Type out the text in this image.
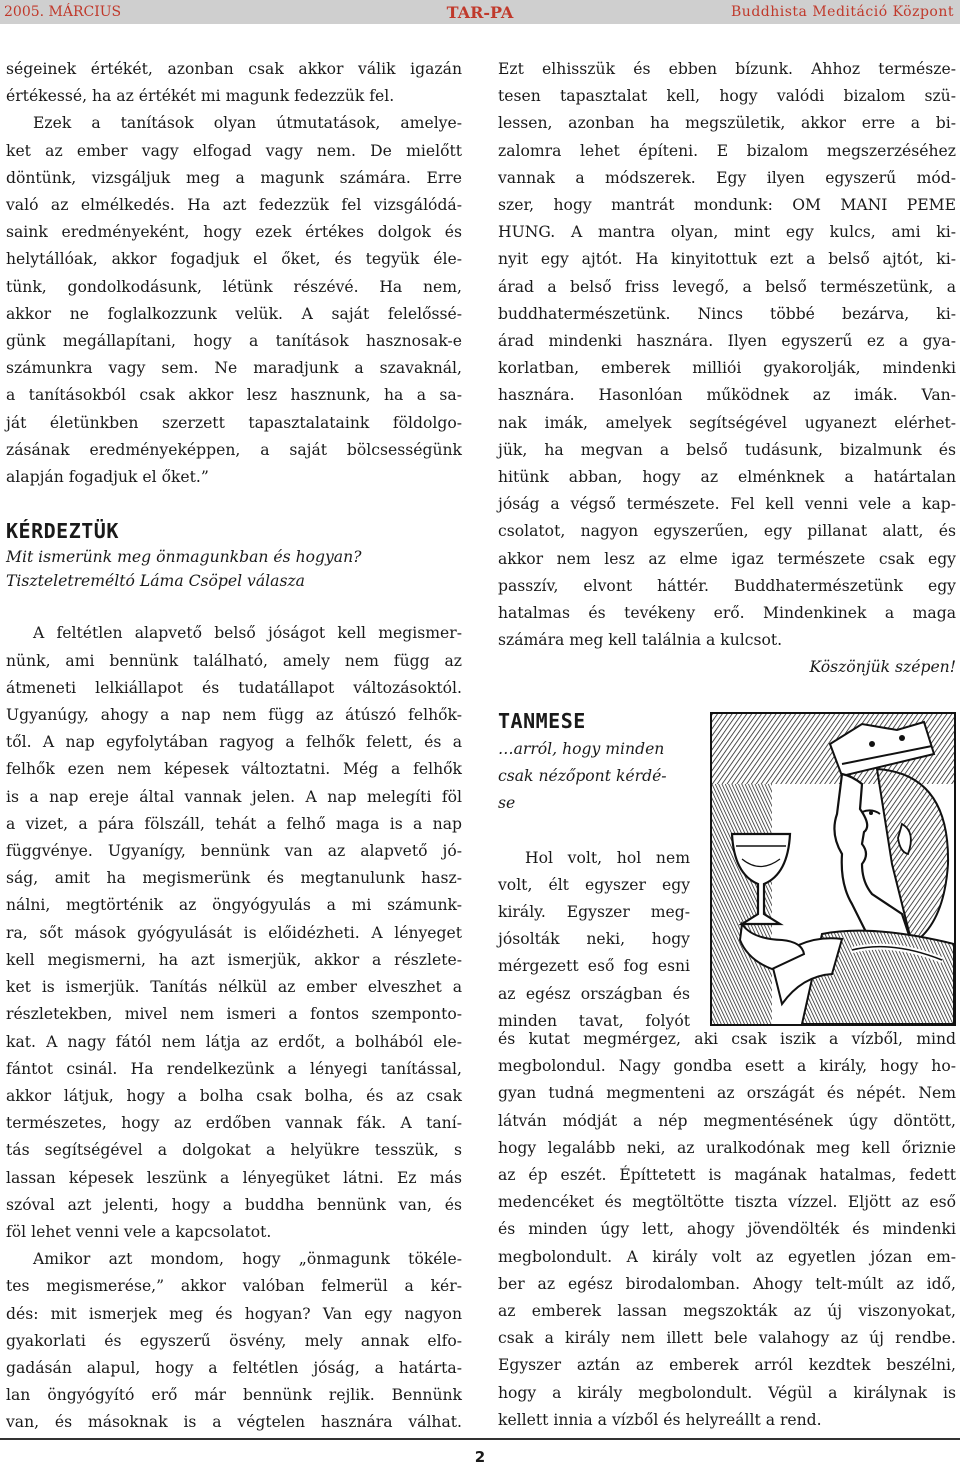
2005. MÁRCIUS	TAR-PA	Buddhista Meditáció Központ

ségeinek értékét, azonban csak akkor válik igazán

értékessé, ha az értékét mi magunk fedezzük fel.

Ezek a tanítások olyan útmutatások, amelye-

ket az ember vagy elfogad vagy nem. De mielőtt

döntünk, vizsgáljuk meg a magunk számára. Erre

való az elmélkedés. Ha azt fedezzük fel vizsgálódá-

saink eredményeként, hogy ezek értékes dolgok és

helytállóak, akkor fogadjuk el őket, és tegyük éle-

tünk, gondolkodásunk, létünk részévé. Ha nem,

akkor ne foglalkozzunk velük. A saját felelőssé-

günk megállapítani, hogy a tanítások hasznosak-e

számunkra vagy sem. Ne maradjunk a szavaknál,

a tanításokból csak akkor lesz hasznunk, ha a sa-

ját életünkben szerzett tapasztalataink földolgo-

zásának eredményeképpen, a saját bölcsességünk

alapján fogadjuk el őket.”

KÉRDEZTÜK

Mit ismerünk meg önmagunkban és hogyan?

Tiszteletreméltó Láma Csöpel válasza

A feltétlen alapvető belső jóságot kell megismer-

nünk, ami bennünk található, amely nem függ az

átmeneti lelkiállapot és tudatállapot változásoktól.

Ugyanúgy, ahogy a nap nem függ az átúszó felhők-

től. A nap egyfolytában ragyog a felhők felett, és a

felhők ezen nem képesek változtatni. Még a felhők

is a nap ereje által vannak jelen. A nap melegíti föl

a vizet, a pára fölszáll, tehát a felhő maga is a nap

függvénye. Ugyanígy, bennünk van az alapvető jó-

ság, amit ha megismerünk és megtanulunk hasz-

nálni, megtörténik az öngyógyulás a mi számunk-

ra, sőt mások gyógyulását is előidézheti. A lényeget

kell megismerni, ha azt ismerjük, akkor a részlete-

ket is ismerjük. Tanítás nélkül az ember elveszhet a

részletekben, mivel nem ismeri a fontos szemponto-

kat. A nagy fától nem látja az erdőt, a bolhából ele-

fántot csinál. Ha rendelkezünk a lényegi tanítással,

akkor látjuk, hogy a bolha csak bolha, és az csak

természetes, hogy az erdőben vannak fák. A taní-

tás segítségével a dolgokat a helyükre tesszük, s

lassan képesek leszünk a lényegüket látni. Ez más

szóval azt jelenti, hogy a buddha bennünk van, és

föl lehet venni vele a kapcsolatot.

Amikor azt mondom, hogy „önmagunk tökéle-

tes megismerése,” akkor valóban felmerül a kér-

dés: mit ismerjek meg és hogyan? Van egy nagyon

gyakorlati és egyszerű ösvény, mely annak elfo-

gadásán alapul, hogy a feltétlen jóság, a határta-

lan öngyógyító erő már bennünk rejlik. Bennünk

van, és másoknak is a végtelen hasznára válhat.

Ezt elhisszük és ebben bízunk. Ahhoz természe-

tesen tapasztalat kell, hogy valódi bizalom szü-

lessen, azonban ha megszületik, akkor erre a bi-

zalomra lehet építeni. E bizalom megszerzéséhez

vannak a módszerek. Egy ilyen egyszerű mód-

szer, hogy mantrát mondunk: OM MANI PEME

HUNG. A mantra olyan, mint egy kulcs, ami ki-

nyit egy ajtót. Ha kinyitottuk ezt a belső ajtót, ki-

árad a belső friss levegő, a belső természetünk, a

buddhatermészetünk. Nincs többé bezárva, ki-

árad mindenki hasznára. Ilyen egyszerű ez a gya-

korlatban, emberek milliói gyakorolják, mindenki

hasznára. Hasonlóan működnek az imák. Van-

nak imák, amelyek segítségével ugyanezt elérhet-

jük, ha megvan a belső tudásunk, bizalmunk és

hitünk abban, hogy az elménknek a határtalan

jóság a végső természete. Fel kell venni vele a kap-

csolatot, nagyon egyszerűen, egy pillanat alatt, és

akkor nem lesz az elme igaz természete csak egy

passzív, elvont háttér. Buddhatermészetünk egy

hatalmas és tevékeny erő. Mindenkinek a maga

számára meg kell találnia a kulcsot.

Köszönjük szépen!

TANMESE

…arról, hogy minden

csak nézőpont kérdé-

se

Hol volt, hol nem

volt, élt egyszer egy

király. Egyszer meg-

jósolták neki, hogy

mérgezett eső fog esni

az egész országban és

minden tavat, folyót

és kutat megmérgez, aki csak iszik a vízből, mind

megbolondul. Nagy gondba esett a király, hogy ho-

gyan tudná megmenteni az országát és népét. Nem

látván módját a nép megmentésének úgy döntött,

hogy legalább neki, az uralkodónak meg kell őriznie

az ép eszét. Építtetett is magának hatalmas, fedett

medencéket és megtöltötte tiszta vízzel. Eljött az eső

és minden úgy lett, ahogy jövendölték és mindenki

megbolondult. A király volt az egyetlen józan em-

ber az egész birodalomban. Ahogy telt-múlt az idő,

az emberek lassan megszokták az új viszonyokat,

csak a király nem illett bele valahogy az új rendbe.

Egyszer aztán az emberek arról kezdtek beszélni,

hogy a király megbolondult. Végül a királynak is

kellett innia a vízből és helyreállt a rend.

2
